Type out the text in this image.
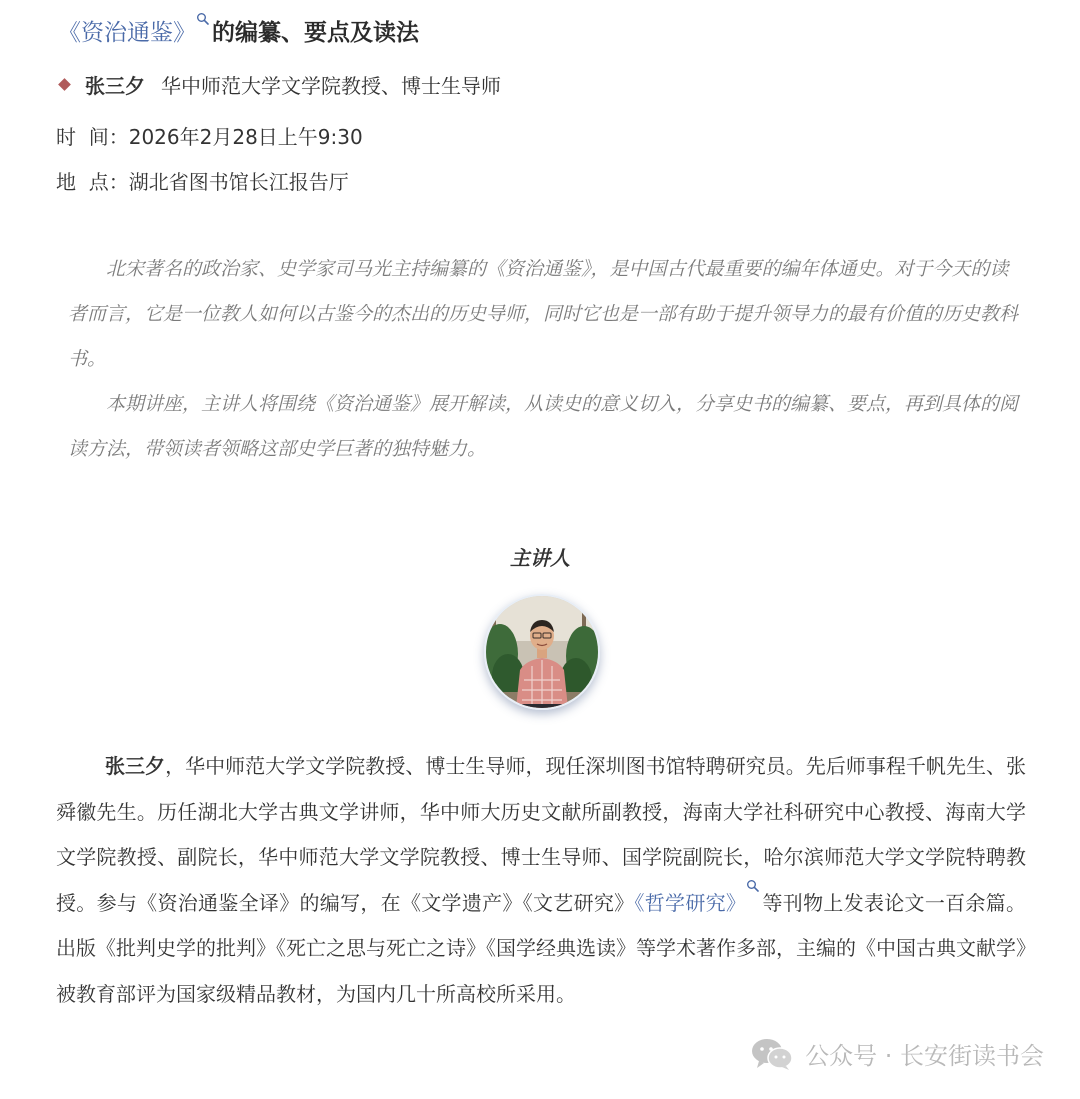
《资治通鉴》 的编纂、要点及读法
张三夕 华中师范大学文学院教授、博士生导师
时  间：2026年2月28日上午9:30
地  点：湖北省图书馆长江报告厅
北宋著名的政治家、史学家司马光主持编纂的《资治通鉴》，是中国古代最重要的编年体通史。对于今天的读者而言，它是一位教人如何以古鉴今的杰出的历史导师，同时它也是一部有助于提升领导力的最有价值的历史教科书。
本期讲座，主讲人将围绕《资治通鉴》展开解读，从读史的意义切入，分享史书的编纂、要点，再到具体的阅读方法，带领读者领略这部史学巨著的独特魅力。
主讲人
张三夕，华中师范大学文学院教授、博士生导师，现任深圳图书馆特聘研究员。先后师事程千帆先生、张舜徽先生。历任湖北大学古典文学讲师，华中师大历史文献所副教授，海南大学社科研究中心教授、海南大学文学院教授、副院长，华中师范大学文学院教授、博士生导师、国学院副院长，哈尔滨师范大学文学院特聘教授。参与《资治通鉴全译》的编写，在《文学遗产》《文艺研究》《哲学研究》 等刊物上发表论文一百余篇。出版《批判史学的批判》《死亡之思与死亡之诗》《国学经典选读》等学术著作多部，主编的《中国古典文献学》被教育部评为国家级精品教材，为国内几十所高校所采用。
公众号 · 长安街读书会
